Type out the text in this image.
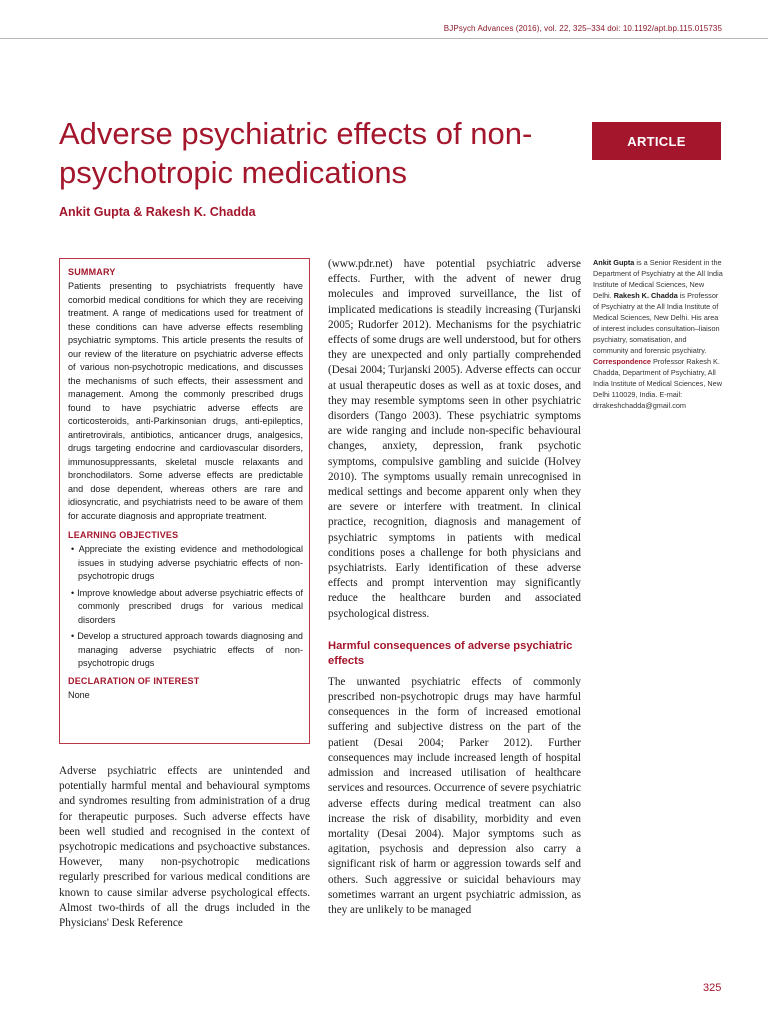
BJPsych Advances (2016), vol. 22, 325–334 doi: 10.1192/apt.bp.115.015735
Adverse psychiatric effects of non-psychotropic medications
Ankit Gupta & Rakesh K. Chadda
ARTICLE
SUMMARY

Patients presenting to psychiatrists frequently have comorbid medical conditions for which they are receiving treatment. A range of medications used for treatment of these conditions can have adverse effects resembling psychiatric symptoms. This article presents the results of our review of the literature on psychiatric adverse effects of various non-psychotropic medications, and discusses the mechanisms of such effects, their assessment and management. Among the commonly prescribed drugs found to have psychiatric adverse effects are corticosteroids, anti-Parkinsonian drugs, anti-epileptics, antiretrovirals, antibiotics, anticancer drugs, analgesics, drugs targeting endocrine and cardiovascular disorders, immunosuppressants, skeletal muscle relaxants and bronchodilators. Some adverse effects are predictable and dose dependent, whereas others are rare and idiosyncratic, and psychiatrists need to be aware of them for accurate diagnosis and appropriate treatment.

LEARNING OBJECTIVES
• Appreciate the existing evidence and methodological issues in studying adverse psychiatric effects of non-psychotropic drugs
• Improve knowledge about adverse psychiatric effects of commonly prescribed drugs for various medical disorders
• Develop a structured approach towards diagnosing and managing adverse psychiatric effects of non-psychotropic drugs
DECLARATION OF INTEREST

None

Adverse psychiatric effects are unintended and potentially harmful mental and behavioural symptoms and syndromes resulting from administration of a drug for therapeutic purposes. Such adverse effects have been well studied and recognised in the context of psychotropic medications and psychoactive substances. However, many non-psychotropic medications regularly prescribed for various medical conditions are known to cause similar adverse psychological effects. Almost two-thirds of all the drugs included in the Physicians' Desk Reference

(www.pdr.net) have potential psychiatric adverse effects. Further, with the advent of newer drug molecules and improved surveillance, the list of implicated medications is steadily increasing (Turjanski 2005; Rudorfer 2012). Mechanisms for the psychiatric effects of some drugs are well understood, but for others they are unexpected and only partially comprehended (Desai 2004; Turjanski 2005). Adverse effects can occur at usual therapeutic doses as well as at toxic doses, and they may resemble symptoms seen in other psychiatric disorders (Tango 2003). These psychiatric symptoms are wide ranging and include non-specific behavioural changes, anxiety, depression, frank psychotic symptoms, compulsive gambling and suicide (Holvey 2010). The symptoms usually remain unrecognised in medical settings and become apparent only when they are severe or interfere with treatment. In clinical practice, recognition, diagnosis and management of psychiatric symptoms in patients with medical conditions poses a challenge for both physicians and psychiatrists. Early identification of these adverse effects and prompt intervention may significantly reduce the healthcare burden and associated psychological distress.

Harmful consequences of adverse psychiatric effects

The unwanted psychiatric effects of commonly prescribed non-psychotropic drugs may have harmful consequences in the form of increased emotional suffering and subjective distress on the part of the patient (Desai 2004; Parker 2012). Further consequences may include increased length of hospital admission and increased utilisation of healthcare services and resources. Occurrence of severe psychiatric adverse effects during medical treatment can also increase the risk of disability, morbidity and even mortality (Desai 2004). Major symptoms such as agitation, psychosis and depression also carry a significant risk of harm or aggression towards self and others. Such aggressive or suicidal behaviours may sometimes warrant an urgent psychiatric admission, as they are unlikely to be managed

Ankit Gupta is a Senior Resident in the Department of Psychiatry at the All India Institute of Medical Sciences, New Delhi. Rakesh K. Chadda is Professor of Psychiatry at the All India Institute of Medical Sciences, New Delhi. His area of interest includes consultation–liaison psychiatry, somatisation, and community and forensic psychiatry.

Correspondence Professor Rakesh K. Chadda, Department of Psychiatry, All India Institute of Medical Sciences, New Delhi 110029, India. E-mail: drrakeshchadda@gmail.com

325
